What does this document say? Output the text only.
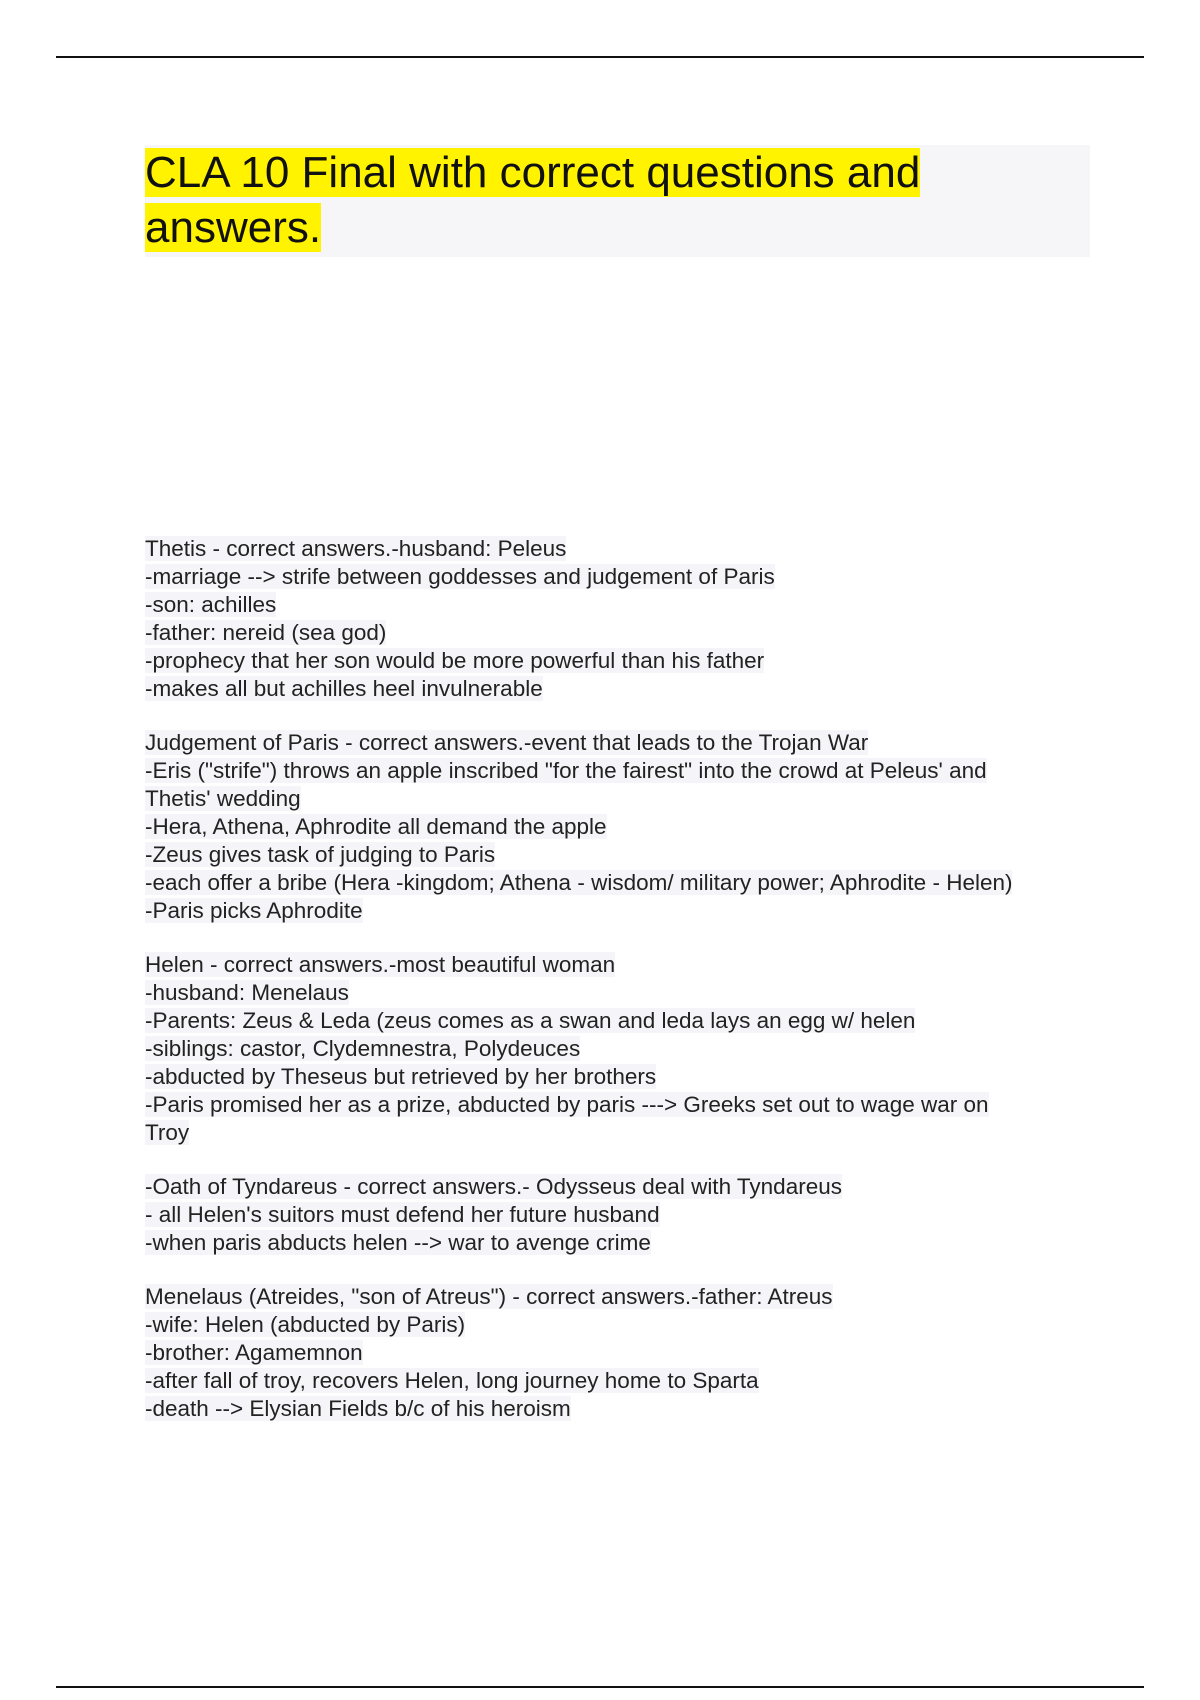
CLA 10 Final with correct questions and
answers.
Thetis - correct answers.-husband: Peleus
-marriage --> strife between goddesses and judgement of Paris
-son: achilles
-father: nereid (sea god)
-prophecy that her son would be more powerful than his father
-makes all but achilles heel invulnerable
Judgement of Paris - correct answers.-event that leads to the Trojan War
-Eris ("strife") throws an apple inscribed "for the fairest" into the crowd at Peleus' and
Thetis' wedding
-Hera, Athena, Aphrodite all demand the apple
-Zeus gives task of judging to Paris
-each offer a bribe (Hera -kingdom; Athena - wisdom/ military power; Aphrodite - Helen)
-Paris picks Aphrodite
Helen - correct answers.-most beautiful woman
-husband: Menelaus
-Parents: Zeus & Leda (zeus comes as a swan and leda lays an egg w/ helen
-siblings: castor, Clydemnestra, Polydeuces
-abducted by Theseus but retrieved by her brothers
-Paris promised her as a prize, abducted by paris ---> Greeks set out to wage war on
Troy
-Oath of Tyndareus - correct answers.- Odysseus deal with Tyndareus
- all Helen's suitors must defend her future husband
-when paris abducts helen --> war to avenge crime
Menelaus (Atreides, "son of Atreus") - correct answers.-father: Atreus
-wife: Helen (abducted by Paris)
-brother: Agamemnon
-after fall of troy, recovers Helen, long journey home to Sparta
-death --> Elysian Fields b/c of his heroism
